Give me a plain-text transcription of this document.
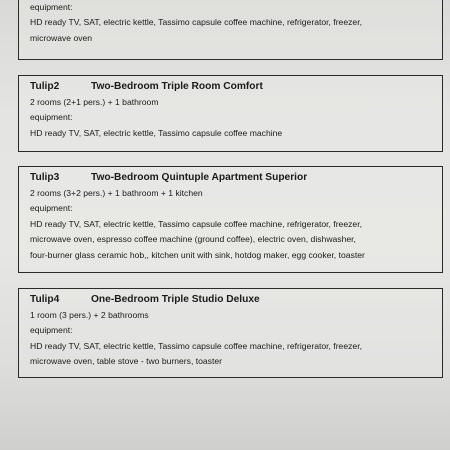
equipment:
HD ready TV, SAT, electric kettle, Tassimo capsule coffee machine, refrigerator, freezer,
microwave oven
Tulip2	Two-Bedroom Triple Room Comfort
2 rooms (2+1 pers.) + 1 bathroom
equipment:
HD ready TV, SAT, electric kettle, Tassimo capsule coffee machine
Tulip3	Two-Bedroom Quintuple Apartment Superior
2 rooms (3+2 pers.) + 1 bathroom + 1 kitchen
equipment:
HD ready TV, SAT, electric kettle, Tassimo capsule coffee machine, refrigerator, freezer,
microwave oven, espresso coffee machine (ground coffee), electric oven, dishwasher,
four-burner glass ceramic hob,, kitchen unit with sink, hotdog maker, egg cooker, toaster
Tulip4	One-Bedroom Triple Studio Deluxe
1 room (3 pers.) + 2 bathrooms
equipment:
HD ready TV, SAT, electric kettle, Tassimo capsule coffee machine, refrigerator, freezer,
microwave oven, table stove - two burners, toaster
